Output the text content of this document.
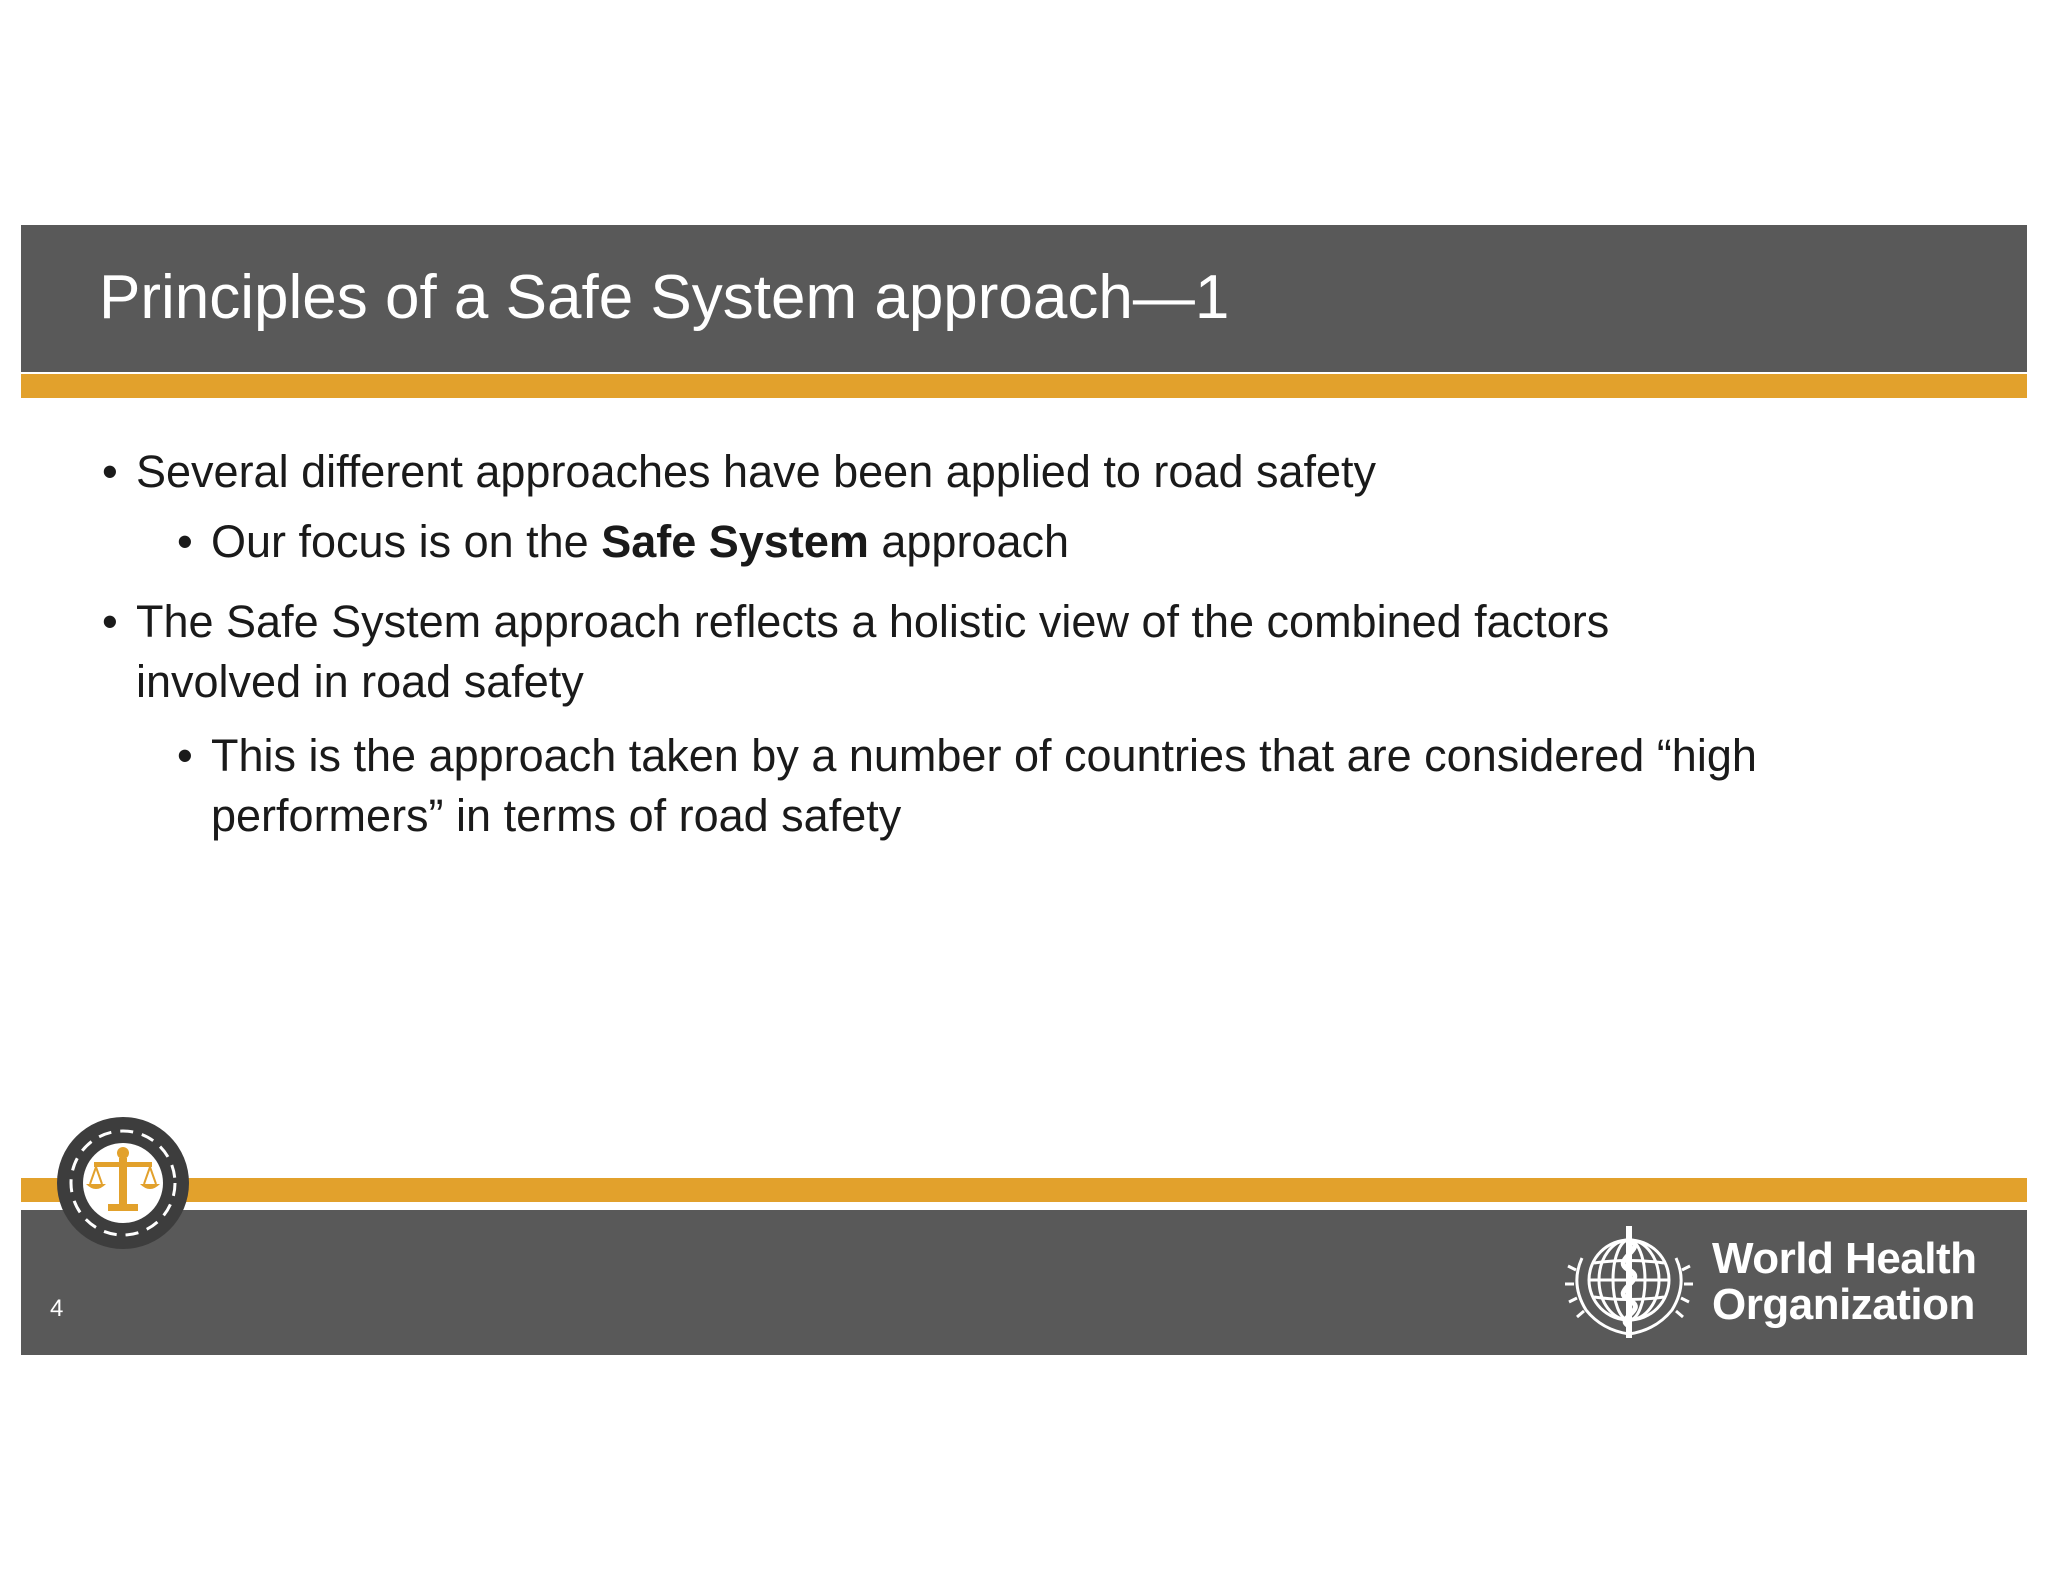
Principles of a Safe System approach—1
• Several different approaches have been applied to road safety
• Our focus is on the Safe System approach
• The Safe System approach reflects a holistic view of the combined factors
involved in road safety
• This is the approach taken by a number of countries that are considered “high
performers” in terms of road safety
4
World Health
Organization
